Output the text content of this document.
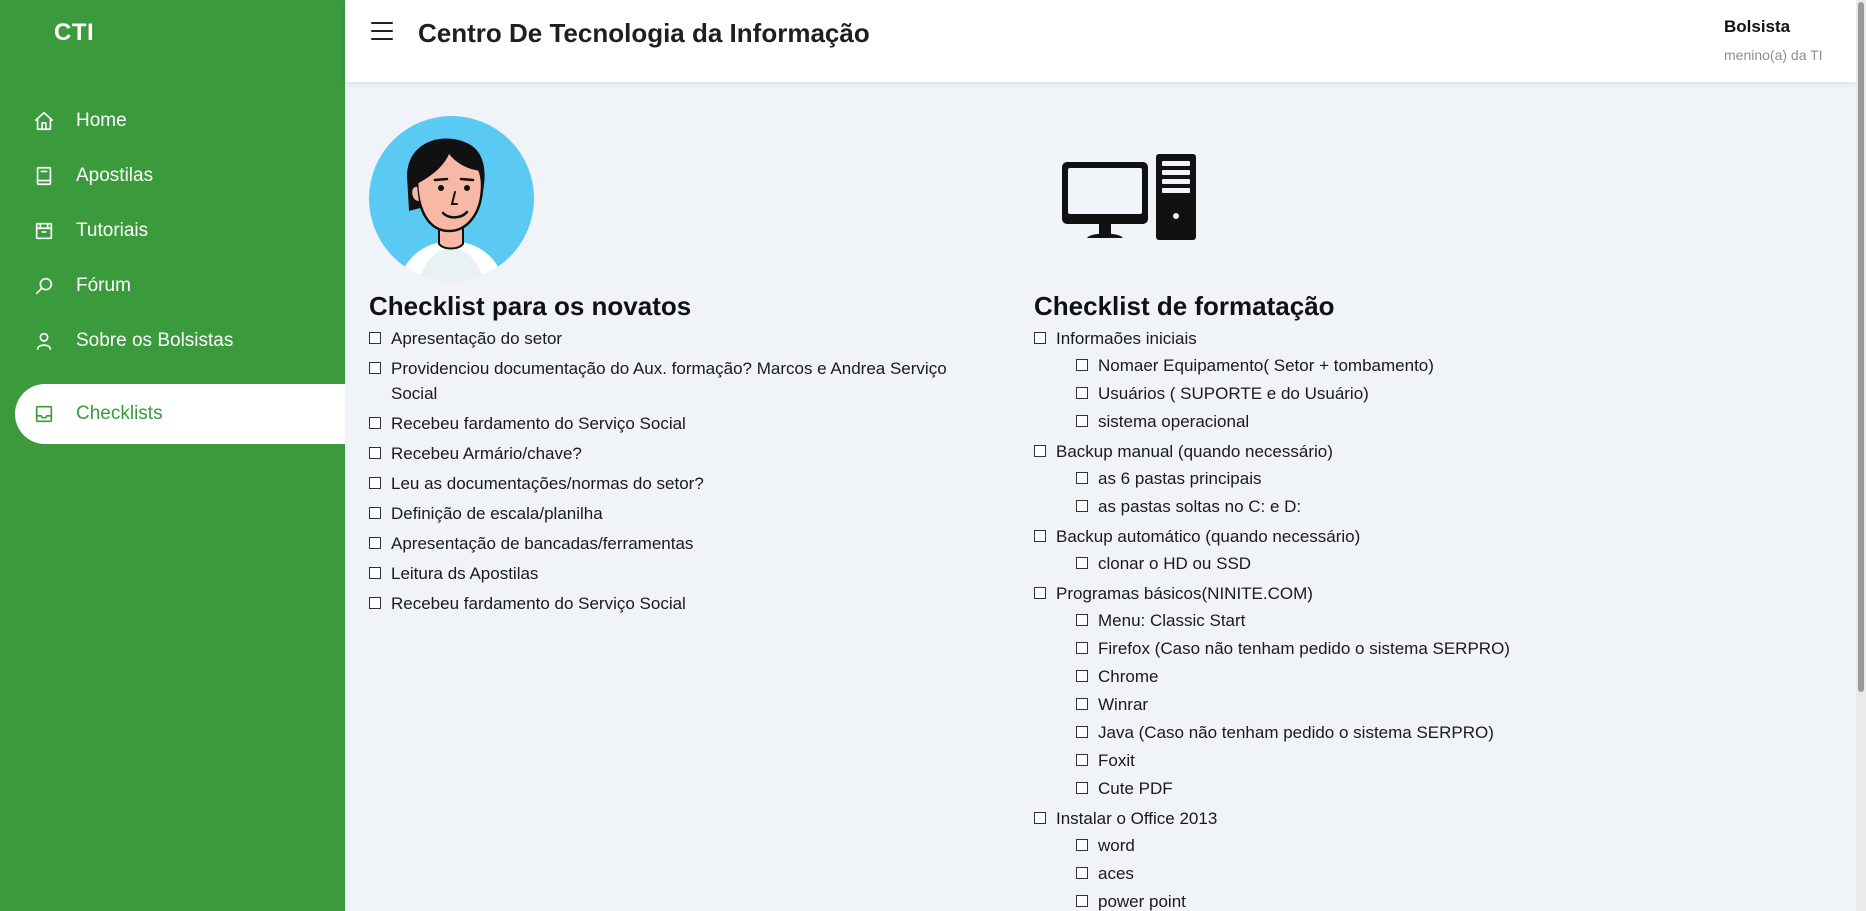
CTI
Home
Apostilas
Tutoriais
Fórum
Sobre os Bolsistas
Checklists
Centro De Tecnologia da Informação	Bolsista
menino(a) da TI
Checklist para os novatos
Apresentação do setor
Providenciou documentação do Aux. formação? Marcos e Andrea Serviço Social
Recebeu fardamento do Serviço Social
Recebeu Armário/chave?
Leu as documentações/normas do setor?
Definição de escala/planilha
Apresentação de bancadas/ferramentas
Leitura ds Apostilas
Recebeu fardamento do Serviço Social
Checklist de formatação
Informaões iniciais
Nomaer Equipamento( Setor + tombamento)
Usuários ( SUPORTE e do Usuário)
sistema operacional
Backup manual (quando necessário)
as 6 pastas principais
as pastas soltas no C: e D:
Backup automático (quando necessário)
clonar o HD ou SSD
Programas básicos(NINITE.COM)
Menu: Classic Start
Firefox (Caso não tenham pedido o sistema SERPRO)
Chrome
Winrar
Java (Caso não tenham pedido o sistema SERPRO)
Foxit
Cute PDF
Instalar o Office 2013
word
aces
power point
